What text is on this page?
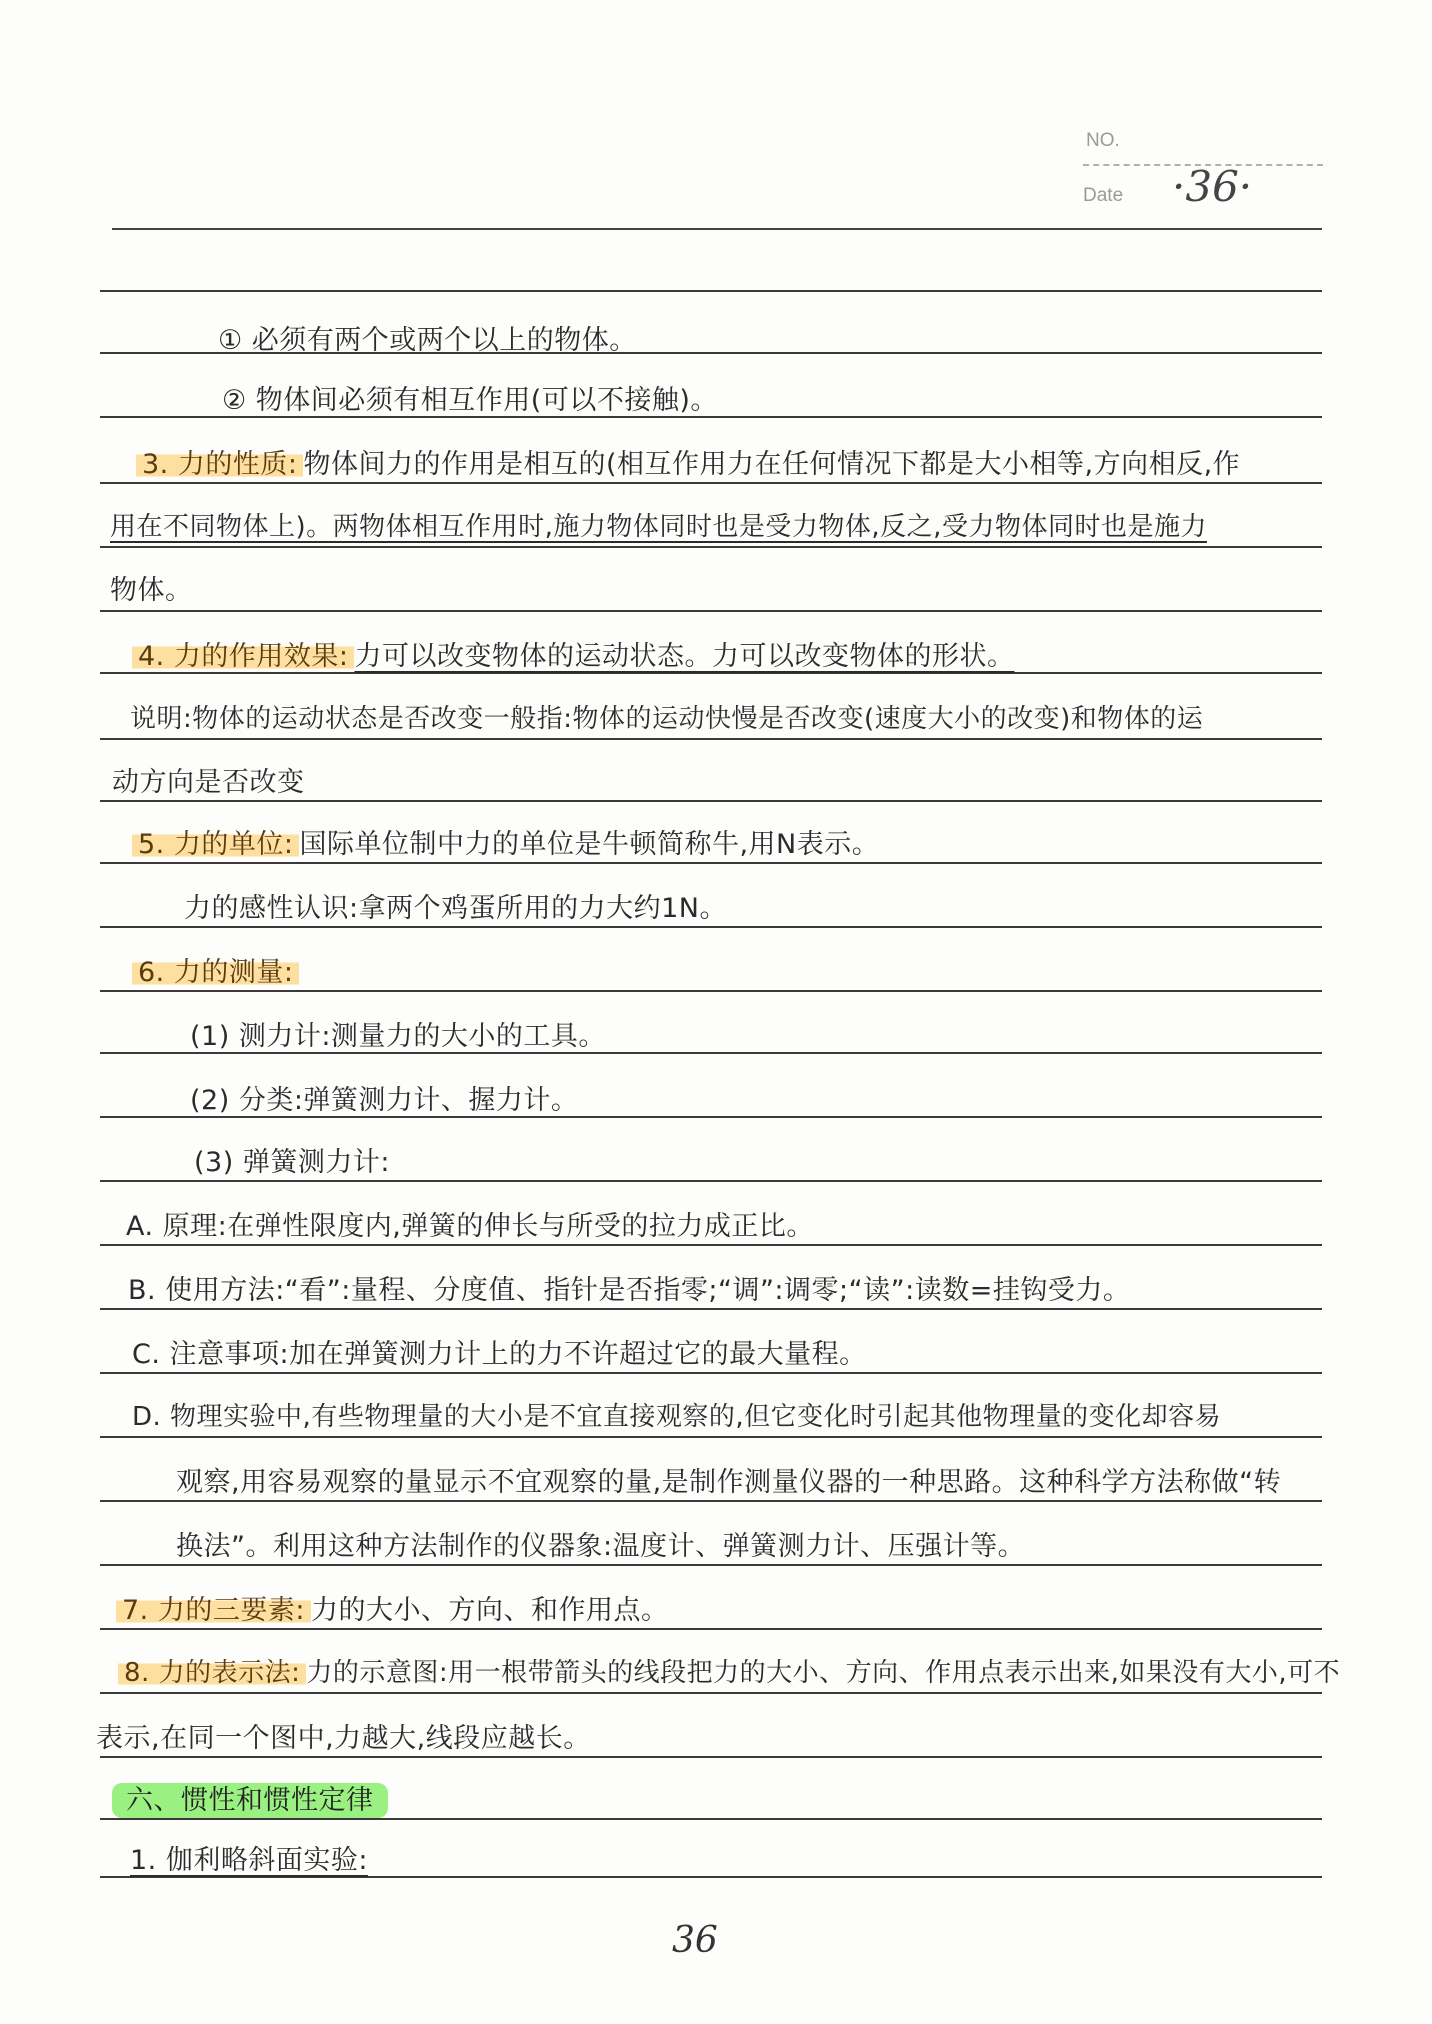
NO.
Date ·36·
① 必须有两个或两个以上的物体。
② 物体间必须有相互作用(可以不接触)。
3. 力的性质: 物体间力的作用是相互的(相互作用力在任何情况下都是大小相等,方向相反,作
用在不同物体上)。两物体相互作用时,施力物体同时也是受力物体,反之,受力物体同时也是施力
物体。
4. 力的作用效果: 力可以改变物体的运动状态。力可以改变物体的形状。
说明:物体的运动状态是否改变一般指:物体的运动快慢是否改变(速度大小的改变)和物体的运
动方向是否改变
5. 力的单位: 国际单位制中力的单位是牛顿简称牛,用N表示。
力的感性认识:拿两个鸡蛋所用的力大约1N。
6. 力的测量:
(1) 测力计:测量力的大小的工具。
(2) 分类:弹簧测力计、握力计。
(3) 弹簧测力计:
A. 原理:在弹性限度内,弹簧的伸长与所受的拉力成正比。
B. 使用方法:“看”:量程、分度值、指针是否指零;“调”:调零;“读”:读数=挂钩受力。
C. 注意事项:加在弹簧测力计上的力不许超过它的最大量程。
D. 物理实验中,有些物理量的大小是不宜直接观察的,但它变化时引起其他物理量的变化却容易
观察,用容易观察的量显示不宜观察的量,是制作测量仪器的一种思路。这种科学方法称做“转
换法”。利用这种方法制作的仪器象:温度计、弹簧测力计、压强计等。
7. 力的三要素: 力的大小、方向、和作用点。
8. 力的表示法: 力的示意图:用一根带箭头的线段把力的大小、方向、作用点表示出来,如果没有大小,可不
表示,在同一个图中,力越大,线段应越长。
六、惯性和惯性定律
1. 伽利略斜面实验:
36
